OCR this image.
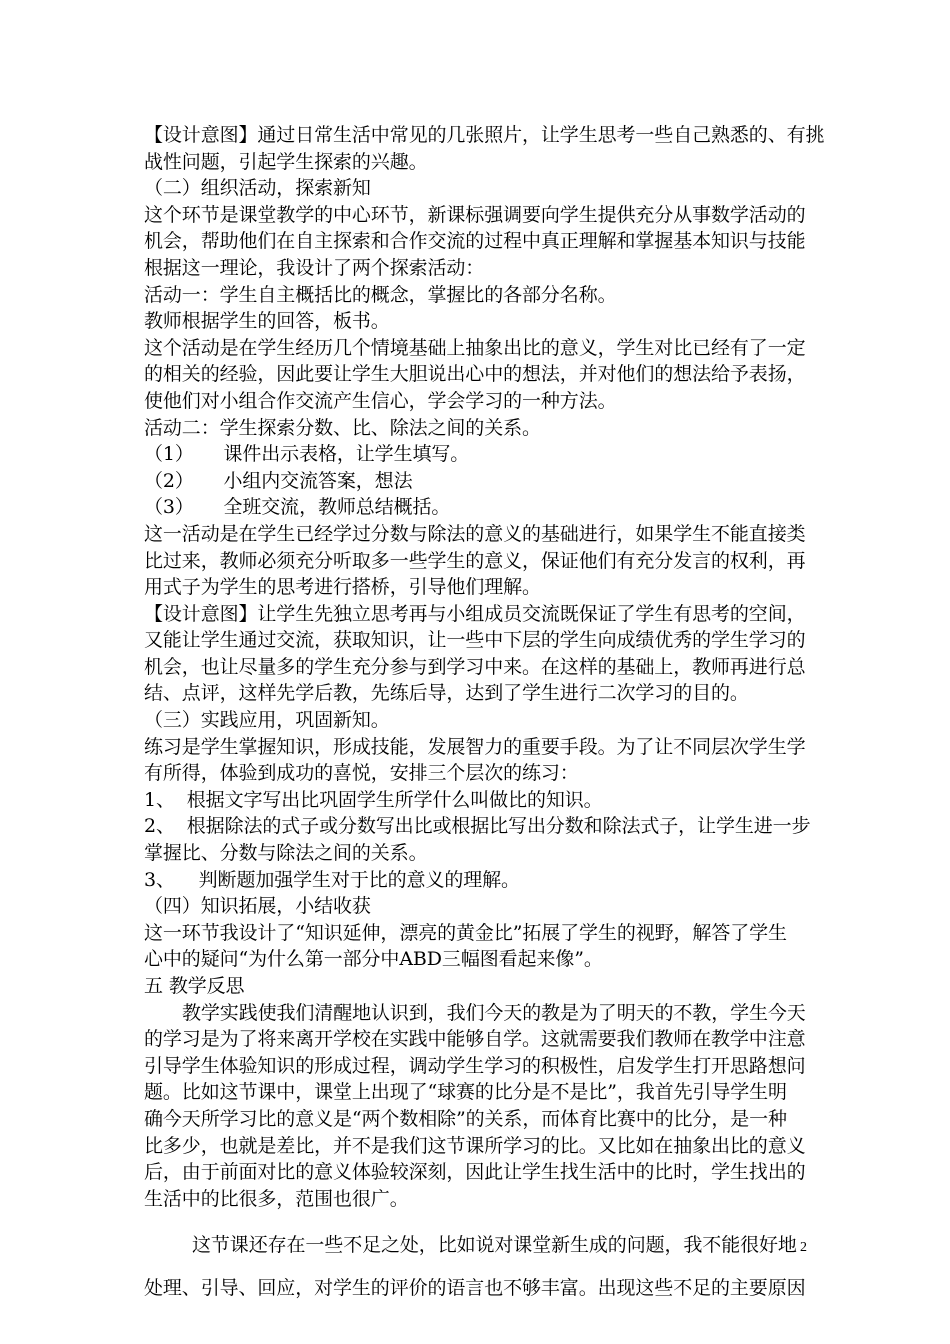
【设计意图】通过日常生活中常见的几张照片，让学生思考一些自己熟悉的、有挑
战性问题，引起学生探索的兴趣。
（二）组织活动，探索新知
这个环节是课堂教学的中心环节，新课标强调要向学生提供充分从事数学活动的
机会，帮助他们在自主探索和合作交流的过程中真正理解和掌握基本知识与技能
根据这一理论，我设计了两个探索活动：
活动一：学生自主概括比的概念，掌握比的各部分名称。
教师根据学生的回答，板书。
这个活动是在学生经历几个情境基础上抽象出比的意义，学生对比已经有了一定
的相关的经验，因此要让学生大胆说出心中的想法，并对他们的想法给予表扬，
使他们对小组合作交流产生信心，学会学习的一种方法。
活动二：学生探索分数、比、除法之间的关系。
（1）     课件出示表格，让学生填写。
（2）     小组内交流答案，想法
（3）     全班交流，教师总结概括。
这一活动是在学生已经学过分数与除法的意义的基础进行，如果学生不能直接类
比过来，教师必须充分听取多一些学生的意义，保证他们有充分发言的权利，再
用式子为学生的思考进行搭桥，引导他们理解。
【设计意图】让学生先独立思考再与小组成员交流既保证了学生有思考的空间，
又能让学生通过交流，获取知识，让一些中下层的学生向成绩优秀的学生学习的
机会，也让尽量多的学生充分参与到学习中来。在这样的基础上，教师再进行总
结、点评，这样先学后教，先练后导，达到了学生进行二次学习的目的。
（三）实践应用，巩固新知。
练习是学生掌握知识，形成技能，发展智力的重要手段。为了让不同层次学生学
有所得，体验到成功的喜悦，安排三个层次的练习：
1、  根据文字写出比巩固学生所学什么叫做比的知识。
2、  根据除法的式子或分数写出比或根据比写出分数和除法式子，让学生进一步
掌握比、分数与除法之间的关系。
3、    判断题加强学生对于比的意义的理解。
（四）知识拓展，小结收获
这一环节我设计了“知识延伸，漂亮的黄金比”拓展了学生的视野，解答了学生
心中的疑问“为什么第一部分中ABD三幅图看起来像”。
五 教学反思
教学实践使我们清醒地认识到，我们今天的教是为了明天的不教，学生今天
的学习是为了将来离开学校在实践中能够自学。这就需要我们教师在教学中注意
引导学生体验知识的形成过程，调动学生学习的积极性，启发学生打开思路想问
题。比如这节课中，课堂上出现了“球赛的比分是不是比”，我首先引导学生明
确今天所学习比的意义是“两个数相除”的关系，而体育比赛中的比分，是一种
比多少，也就是差比，并不是我们这节课所学习的比。又比如在抽象出比的意义
后，由于前面对比的意义体验较深刻，因此让学生找生活中的比时，学生找出的
生活中的比很多，范围也很广。
这节课还存在一些不足之处，比如说对课堂新生成的问题，我不能很好地
处理、引导、回应，对学生的评价的语言也不够丰富。出现这些不足的主要原因
2
